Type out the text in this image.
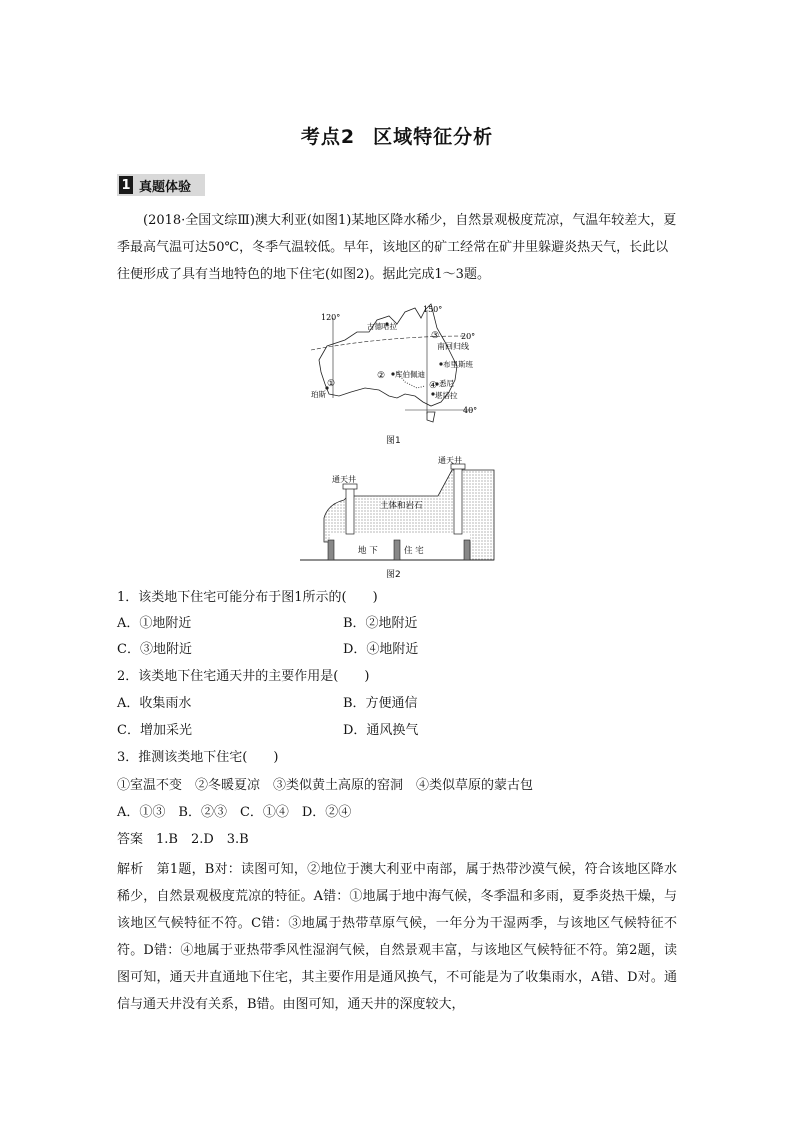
考点2 区域特征分析
1 真题体验
(2018·全国文综Ⅲ)澳大利亚(如图1)某地区降水稀少，自然景观极度荒凉，气温年较差大，夏季最高气温可达50℃，冬季气温较低。早年，该地区的矿工经常在矿井里躲避炎热天气，长此以往便形成了具有当地特色的地下住宅(如图2)。据此完成1～3题。
120°
150°
20°
40°
南回归线
古德哈拉
库伯佩迪
布里斯班
悉尼
堪培拉
珀斯
①
②
③
④
图1
通天井
通天井
土体和岩石
地 下	住 宅
图2
1．该类地下住宅可能分布于图1所示的(　　)
A．①地附近	B．②地附近
C．③地附近	D．④地附近
2．该类地下住宅通天井的主要作用是(　　)
A．收集雨水	B．方便通信
C．增加采光	D．通风换气
3．推测该类地下住宅(　　)
①室温不变　②冬暖夏凉　③类似黄土高原的窑洞　④类似草原的蒙古包
A．①③　B．②③　C．①④　D．②④
答案　1.B　2.D　3.B
解析　第1题，B对：读图可知，②地位于澳大利亚中南部，属于热带沙漠气候，符合该地区降水稀少，自然景观极度荒凉的特征。A错：①地属于地中海气候，冬季温和多雨，夏季炎热干燥，与该地区气候特征不符。C错：③地属于热带草原气候，一年分为干湿两季，与该地区气候特征不符。D错：④地属于亚热带季风性湿润气候，自然景观丰富，与该地区气候特征不符。第2题，读图可知，通天井直通地下住宅，其主要作用是通风换气，不可能是为了收集雨水，A错、D对。通信与通天井没有关系，B错。由图可知，通天井的深度较大，
